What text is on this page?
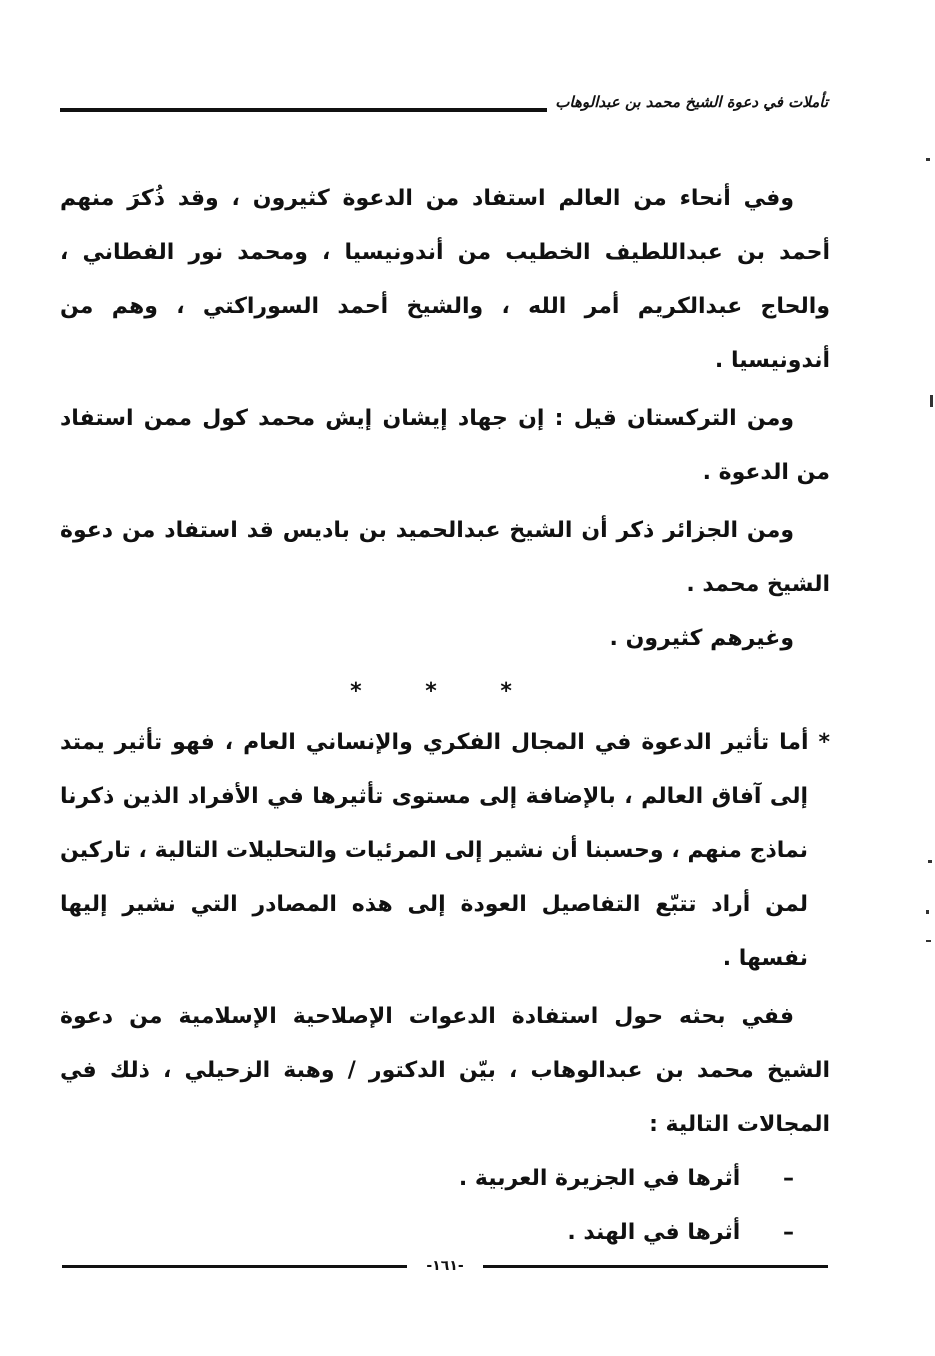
تأملات في دعوة الشيخ محمد بن عبدالوهاب

وفي أنحاء من العالم استفاد من الدعوة كثيرون ، وقد ذُكرَ منهم أحمد بن عبداللطيف الخطيب من أندونيسيا ، ومحمد نور الفطاني ، والحاج عبدالكريم أمر الله ، والشيخ أحمد السوراكتي ، وهم من أندونيسيا .

ومن التركستان قيل : إن جهاد إيشان إيش محمد كول ممن استفاد من الدعوة .

ومن الجزائر ذكر أن الشيخ عبدالحميد بن باديس قد استفاد من دعوة الشيخ محمد .

وغيرهم كثيرون .

* * *

* أما تأثير الدعوة في المجال الفكري والإنساني العام ، فهو تأثير يمتد إلى آفاق العالم ، بالإضافة إلى مستوى تأثيرها في الأفراد الذين ذكرنا نماذج منهم ، وحسبنا أن نشير إلى المرئيات والتحليلات التالية ، تاركين لمن أراد تتبّع التفاصيل العودة إلى هذه المصادر التي نشير إليها نفسها .

ففي بحثه حول استفادة الدعوات الإصلاحية الإسلامية من دعوة الشيخ محمد بن عبدالوهاب ، بيّن الدكتور / وهبة الزحيلي ، ذلك في المجالات التالية :

– أثرها في الجزيرة العربية .
– أثرها في الهند .
-١٦١-
